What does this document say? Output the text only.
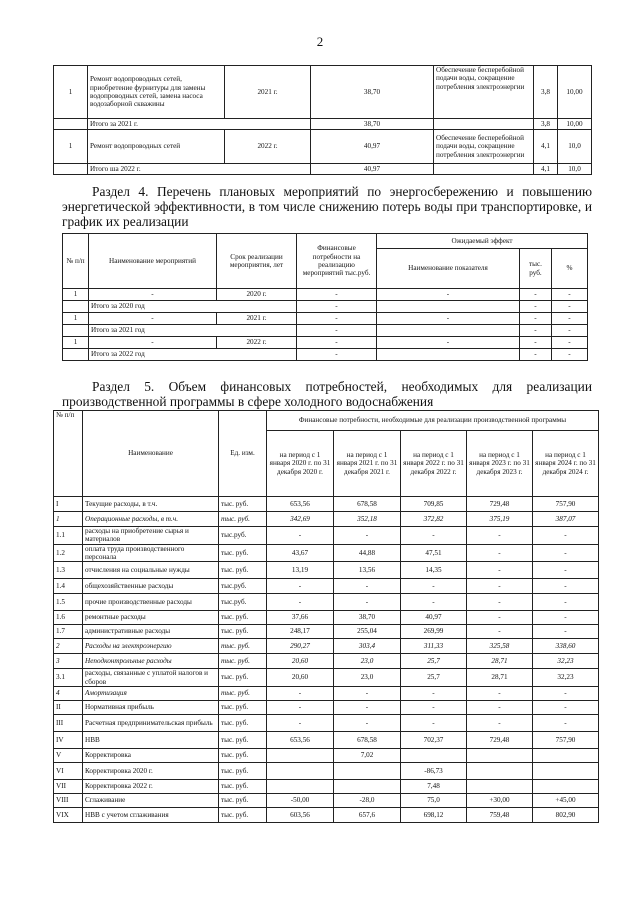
2
1	Ремонт водопроводных сетей, приобретение фурнитуры для замены водопроводных сетей, замена насоса водозаборной скважины	2021 г.	38,70	Обеспечение бесперебойной подачи воды, сокращение потребления электроэнергии	3,8	10,00
	Итого за 2021 г.		38,70		3,8	10,00
1	Ремонт водопроводных сетей	2022 г.	40,97	Обеспечение бесперебойной подачи воды, сокращение потребления электроэнергии	4,1	10,0
	Итого ша 2022 г.		40,97		4,1	10,0
Раздел 4. Перечень плановых мероприятий по энергосбережению и повышению энергетической эффективности, в том числе снижению потерь воды при транспортировке, и график их реализации
№ п/п	Наименование мероприятий	Срок реализации мероприятия, лет	Финансовые потребности на реализацию мероприятий тыс.руб.	Ожидаемый эффект		
				Наименование показателя	тыс. руб.	%
1	-	2020 г.	-	-	-	-
	Итого за 2020 год		-		-	-
1	-	2021 г.	-	-	-	-
	Итого за 2021 год		-		-	-
1	-	2022 г.	-	-	-	-
	Итого за 2022 год		-		-	-
Раздел 5. Объем финансовых потребностей, необходимых для реализации производственной программы в сфере холодного водоснабжения
№ п/п	Наименование	Ед. изм.	Финансовые потребности, необходимые для реализации производственной программы				
			на период с 1 января 2020 г. по 31 декабря 2020 г.	на период с 1 января 2021 г. по 31 декабря 2021 г.	на период с 1 января 2022 г. по 31 декабря 2022 г.	на период с 1 января 2023 г. по 31 декабря 2023 г.	на период с 1 января 2024 г. по 31 декабря 2024 г.
I	Текущие расходы, в т.ч.	тыс. руб.	653,56	678,58	709,85	729,48	757,90
1	Операционные расходы, в т.ч.	тыс. руб.	342,69	352,18	372,82	375,19	387,07
1.1	расходы на приобретение сырья и материалов	тыс.руб.	-	-	-	-	-
1.2	оплата труда производственного персонала	тыс. руб.	43,67	44,88	47,51	-	-
1.3	отчисления на социальные нужды	тыс. руб.	13,19	13,56	14,35	-	-
1.4	общехозяйственные расходы	тыс.руб.	-	-	-	-	-
1.5	прочие производственные расходы	тыс.руб.	-	-	-	-	-
1.6	ремонтные расходы	тыс. руб.	37,66	38,70	40,97	-	-
1.7	административные расходы	тыс. руб.	248,17	255,04	269,99	-	-
2	Расходы на электроэнергию	тыс. руб.	290,27	303,4	311,33	325,58	338,60
3	Неподконтрольные расходы	тыс. руб.	20,60	23,0	25,7	28,71	32,23
3.1	расходы, связанные с уплатой налогов и сборов	тыс. руб.	20,60	23,0	25,7	28,71	32,23
4	Амортизация	тыс. руб.	-	-	-	-	-
II	Нормативная прибыль	тыс. руб.	-	-	-	-	-
III	Расчетная предпринимательская прибыль	тыс. руб.	-	-	-	-	-
IV	НВВ	тыс. руб.	653,56	678,58	702,37	729,48	757,90
V	Корректировка	тыс. руб.		7,02			
VI	Корректировка 2020 г.	тыс. руб.			-86,73		
VII	Корректировка 2022 г.	тыс. руб.			7,48		
VIII	Сглаживание	тыс. руб.	-50,00	-28,0	75,0	+30,00	+45,00
VIX	НВВ с учетом сглаживания	тыс. руб.	603,56	657,6	698,12	759,48	802,90
